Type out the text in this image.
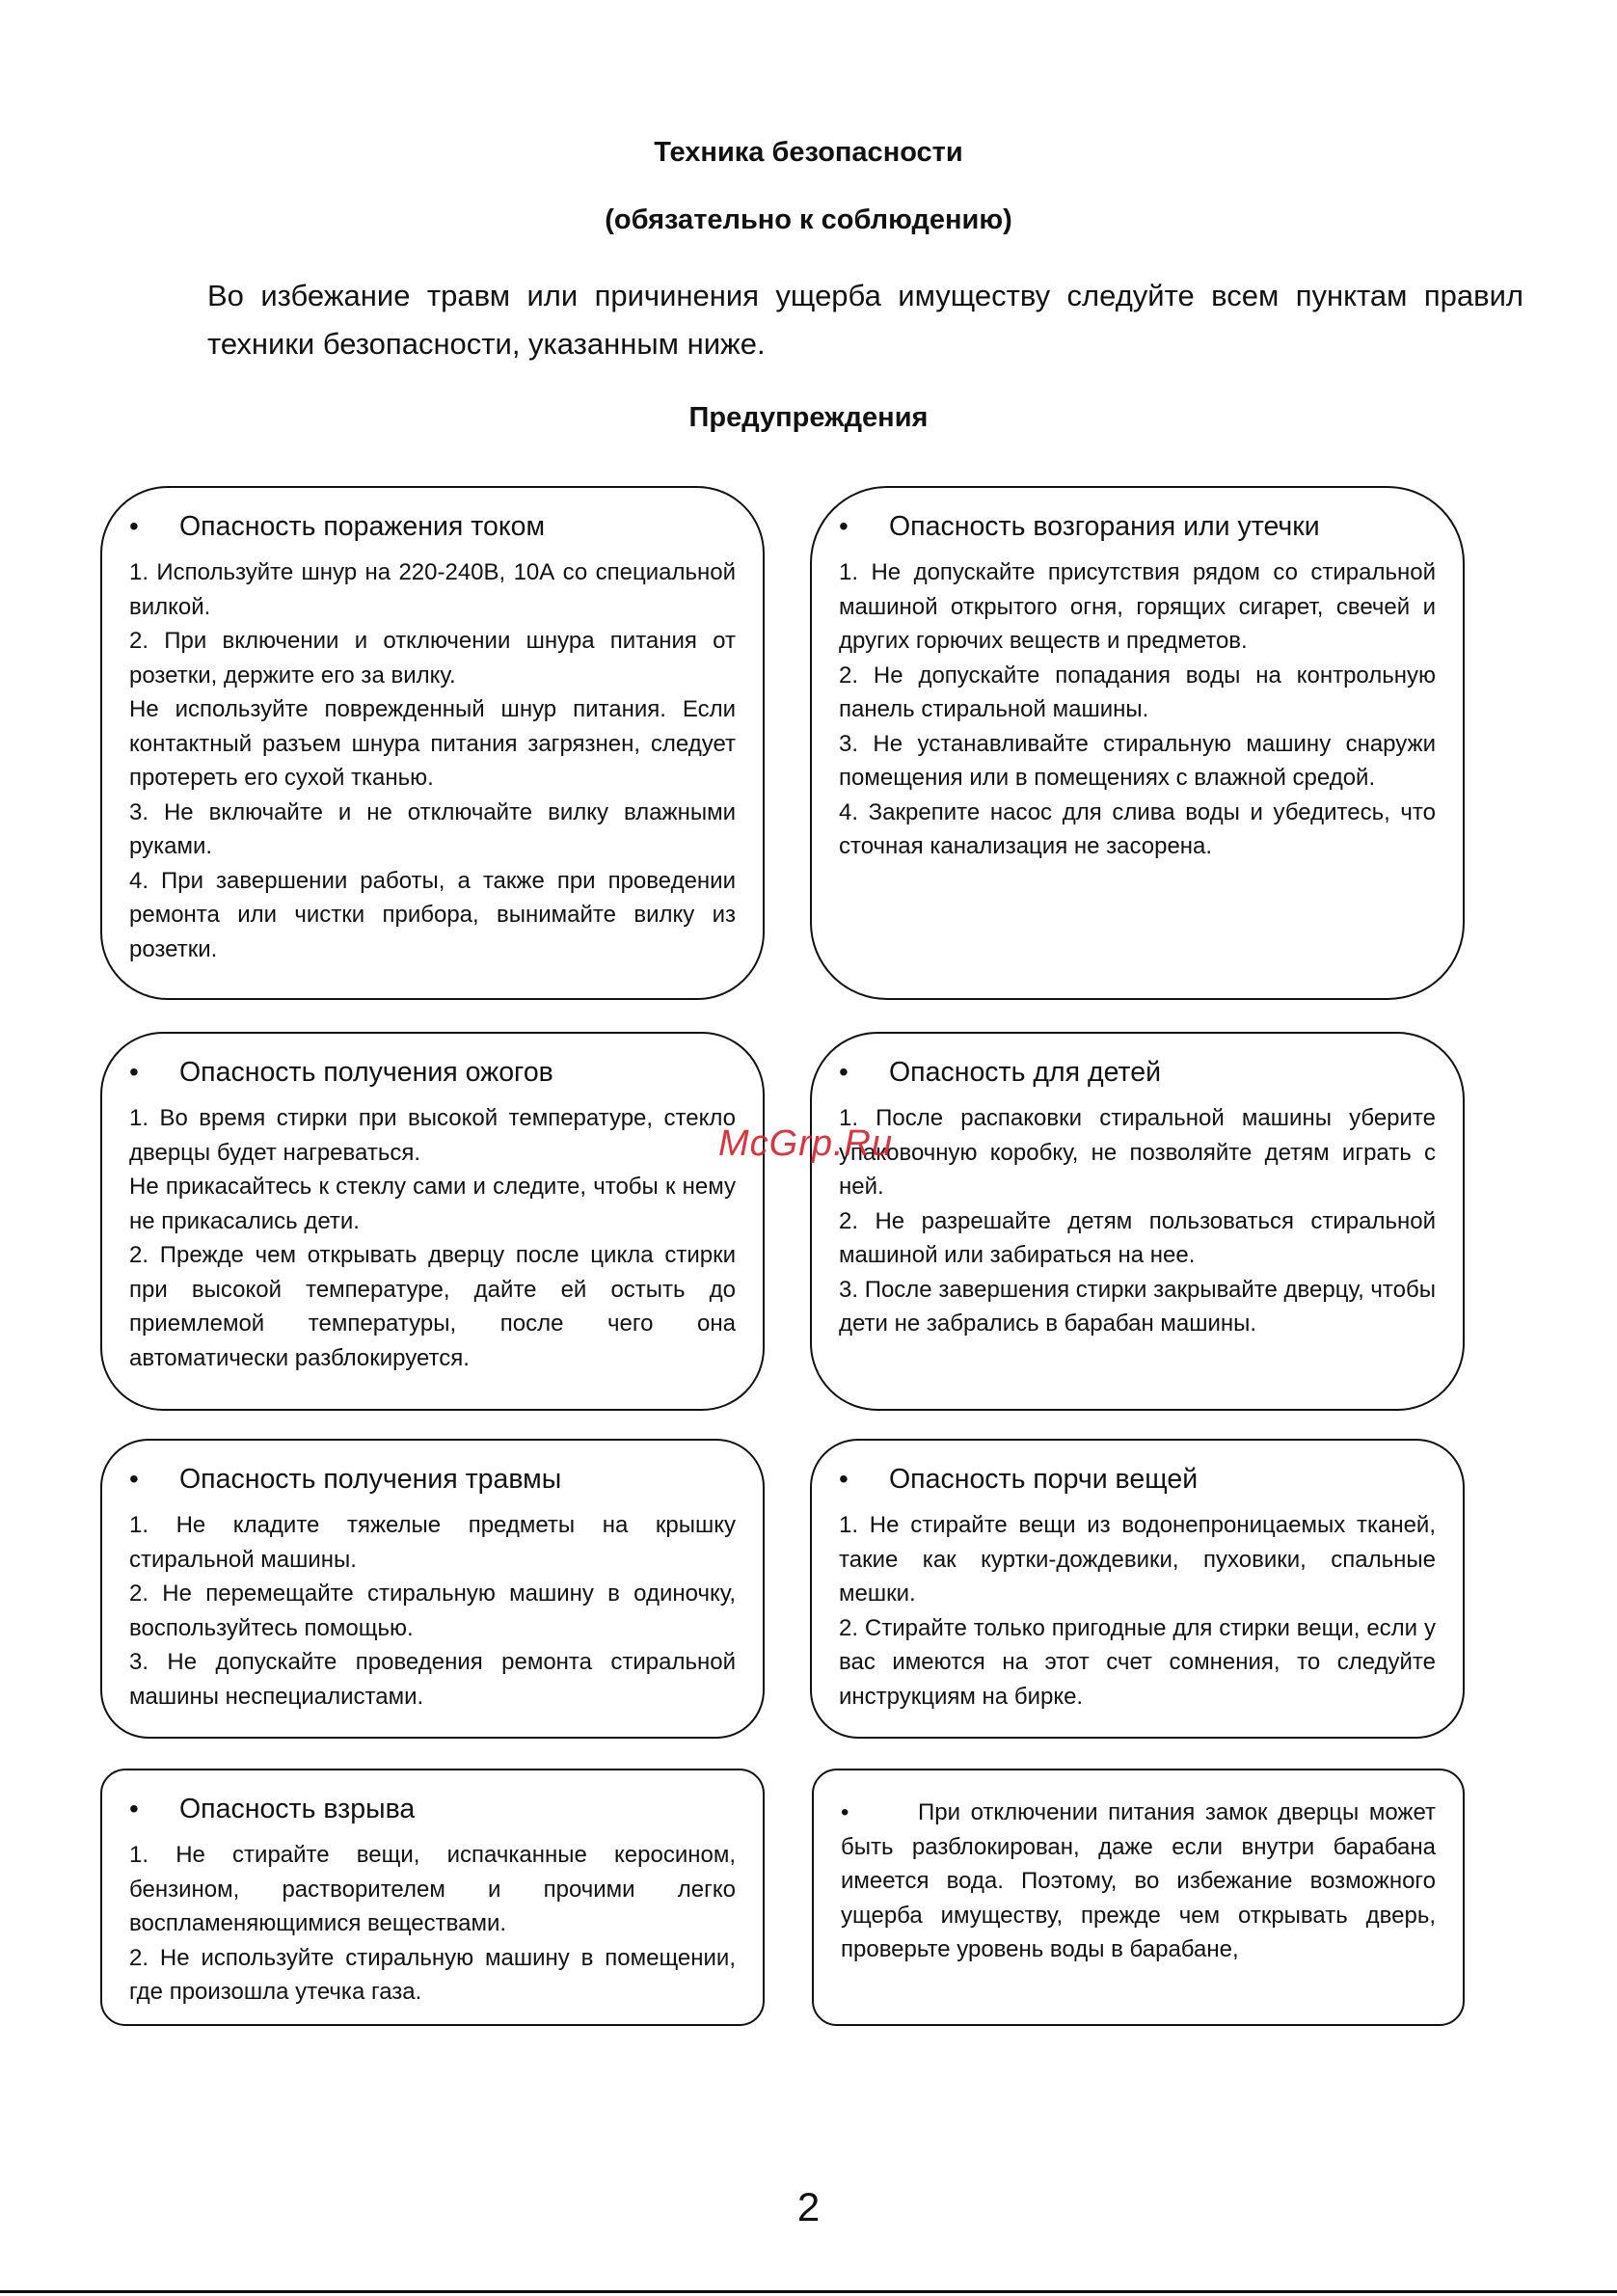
Техника безопасности
(обязательно к соблюдению)
Во избежание травм или причинения ущерба имуществу следуйте всем пунктам правил техники безопасности, указанным ниже.
Предупреждения
•	Опасность поражения током

1. Используйте шнур на 220-240В, 10А со специальной вилкой.

2. При включении и отключении шнура питания от розетки, держите его за вилку.

Не используйте поврежденный шнур питания. Если контактный разъем шнура питания загрязнен, следует протереть его сухой тканью.

3. Не включайте и не отключайте вилку влажными руками.

4. При завершении работы, а также при проведении ремонта или чистки прибора, вынимайте вилку из розетки.

•	Опасность возгорания или утечки

1. Не допускайте присутствия рядом со стиральной машиной открытого огня, горящих сигарет, свечей и других горючих веществ и предметов.

2. Не допускайте попадания воды на контрольную панель стиральной машины.

3. Не устанавливайте стиральную машину снаружи помещения или в помещениях с влажной средой.

4. Закрепите насос для слива воды и убедитесь, что сточная канализация не засорена.

•	Опасность получения ожогов

1. Во время стирки при высокой температуре, стекло дверцы будет нагреваться.

Не прикасайтесь к стеклу сами и следите, чтобы к нему не прикасались дети.

2. Прежде чем открывать дверцу после цикла стирки при высокой температуре, дайте ей остыть до приемлемой температуры, после чего она автоматически разблокируется.

•	Опасность для детей

1. После распаковки стиральной машины уберите упаковочную коробку, не позволяйте детям играть с ней.

2. Не разрешайте детям пользоваться стиральной машиной или забираться на нее.

3. После завершения стирки закрывайте дверцу, чтобы дети не забрались в барабан машины.

•	Опасность получения травмы

1. Не кладите тяжелые предметы на крышку стиральной машины.

2. Не перемещайте стиральную машину в одиночку, воспользуйтесь помощью.

3. Не допускайте проведения ремонта стиральной машины неспециалистами.

•	Опасность порчи вещей

1. Не стирайте вещи из водонепроницаемых тканей, такие как куртки-дождевики, пуховики, спальные мешки.

2. Стирайте только пригодные для стирки вещи, если у вас имеются на этот счет сомнения, то следуйте инструкциям на бирке.

•	Опасность взрыва

1. Не стирайте вещи, испачканные керосином, бензином, растворителем и прочими легко воспламеняющимися веществами.

2. Не используйте стиральную машину в помещении, где произошла утечка газа.

•	При отключении питания замок дверцы может быть разблокирован, даже если внутри барабана имеется вода. Поэтому, во избежание возможного ущерба имуществу, прежде чем открывать дверь, проверьте уровень воды в барабане,

McGrp.Ru
2
